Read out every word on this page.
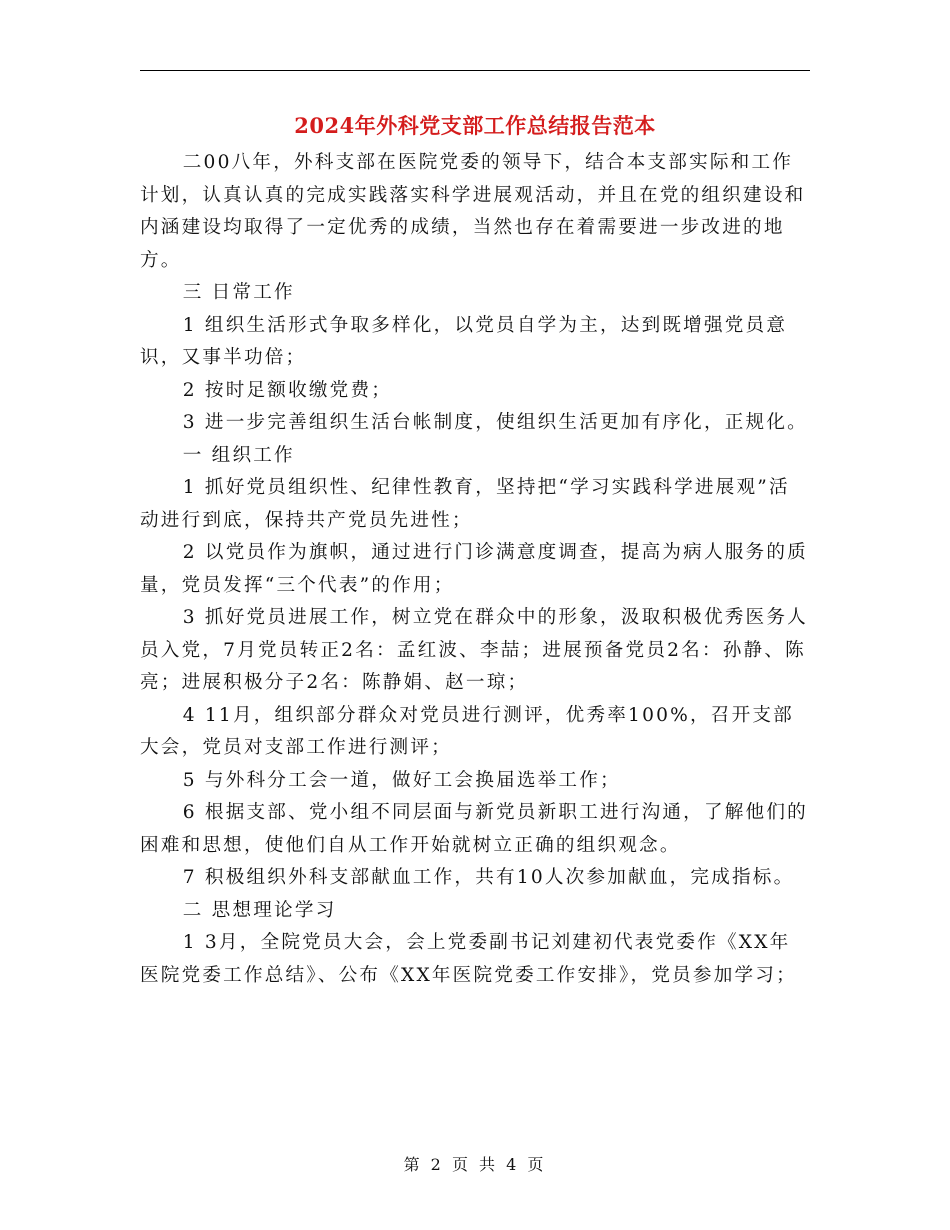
2024年外科党支部工作总结报告范本

二00八年，外科支部在医院党委的领导下，结合本支部实际和工作计划，认真认真的完成实践落实科学进展观活动，并且在党的组织建设和内涵建设均取得了一定优秀的成绩，当然也存在着需要进一步改进的地方。

三 日常工作

1 组织生活形式争取多样化，以党员自学为主，达到既增强党员意识，又事半功倍；

2 按时足额收缴党费；

3 进一步完善组织生活台帐制度，使组织生活更加有序化，正规化。

一 组织工作

1 抓好党员组织性、纪律性教育，坚持把“学习实践科学进展观”活动进行到底，保持共产党员先进性；

2 以党员作为旗帜，通过进行门诊满意度调查，提高为病人服务的质量，党员发挥“三个代表”的作用；

3 抓好党员进展工作，树立党在群众中的形象，汲取积极优秀医务人员入党，7月党员转正2名：孟红波、李喆；进展预备党员2名：孙静、陈亮；进展积极分子2名：陈静娟、赵一琼；

4 11月，组织部分群众对党员进行测评，优秀率100%，召开支部大会，党员对支部工作进行测评；

5 与外科分工会一道，做好工会换届选举工作；

6 根据支部、党小组不同层面与新党员新职工进行沟通，了解他们的困难和思想，使他们自从工作开始就树立正确的组织观念。

7 积极组织外科支部献血工作，共有10人次参加献血，完成指标。

二 思想理论学习

1 3月，全院党员大会，会上党委副书记刘建初代表党委作《XX年医院党委工作总结》、公布《XX年医院党委工作安排》，党员参加学习；

第 2 页 共 4 页
